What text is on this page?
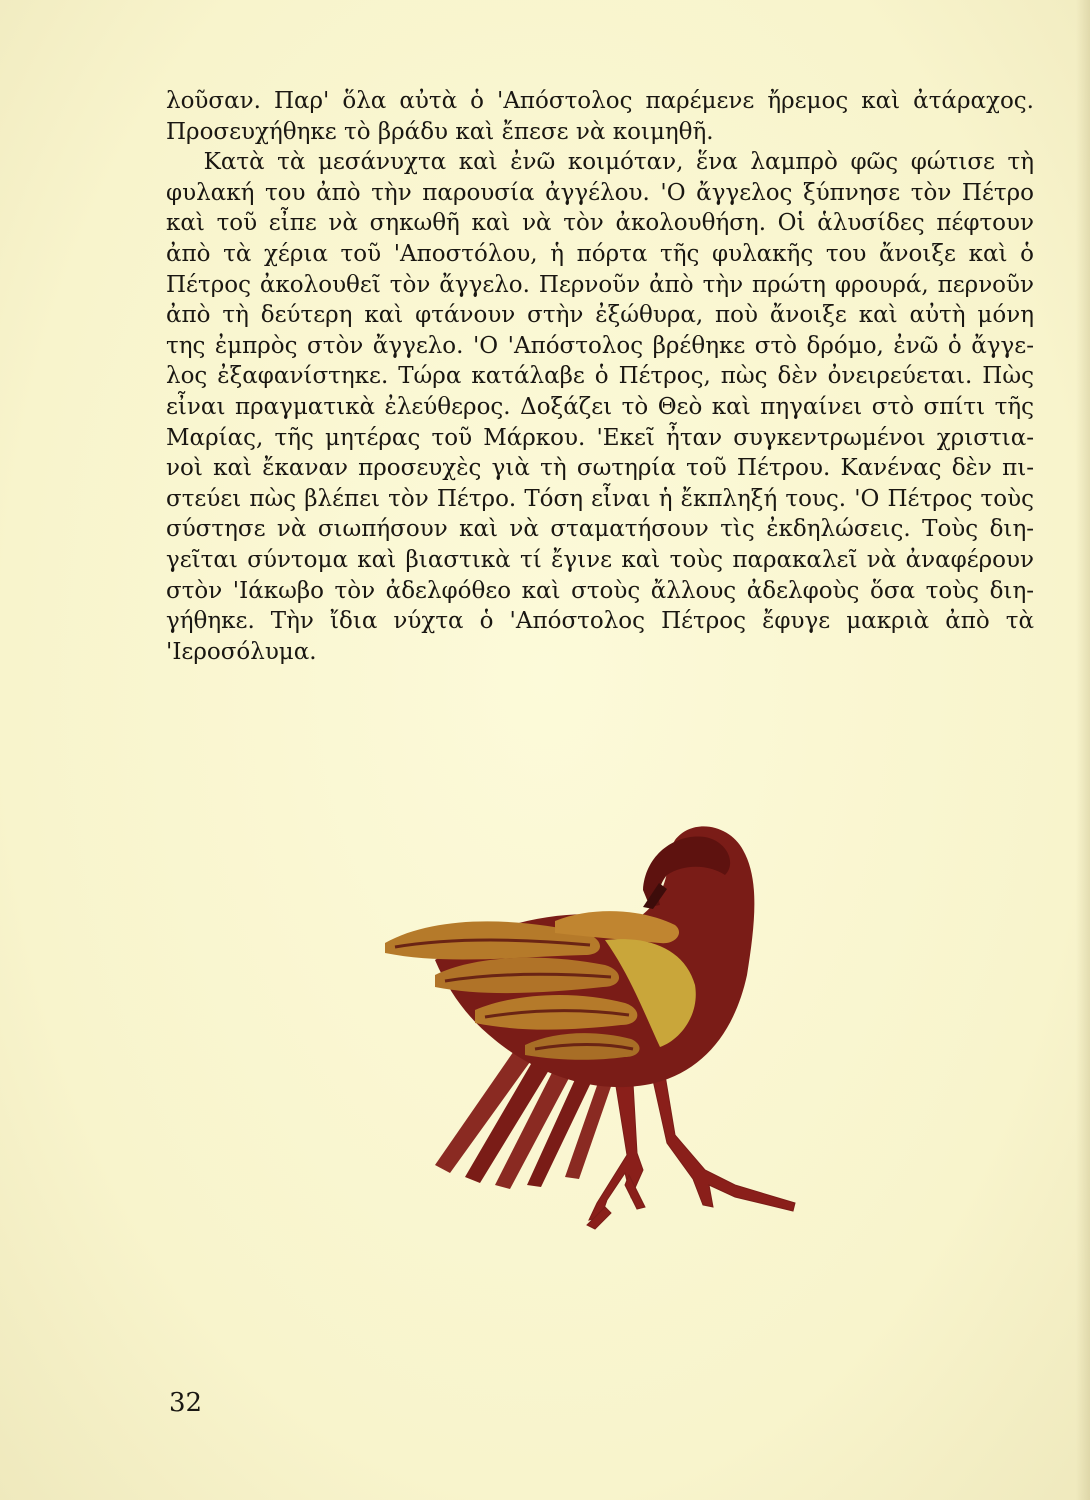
λοῦσαν. Παρ' ὅλα αὐτὰ ὁ 'Απόστολος παρέμενε ἤρεμος καὶ ἀτάραχος.
Προσευχήθηκε τὸ βράδυ καὶ ἔπεσε νὰ κοιμηθῆ.
Κατὰ τὰ μεσάνυχτα καὶ ἐνῶ κοιμόταν, ἕνα λαμπρὸ φῶς φώτισε τὴ
φυλακή του ἀπὸ τὴν παρουσία ἀγγέλου. 'Ο ἄγγελος ξύπνησε τὸν Πέτρο
καὶ τοῦ εἶπε νὰ σηκωθῆ καὶ νὰ τὸν ἀκολουθήση. Οἱ ἁλυσίδες πέφτουν
ἀπὸ τὰ χέρια τοῦ 'Αποστόλου, ἡ πόρτα τῆς φυλακῆς του ἄνοιξε καὶ ὁ
Πέτρος ἀκολουθεῖ τὸν ἄγγελο. Περνοῦν ἀπὸ τὴν πρώτη φρουρά, περνοῦν
ἀπὸ τὴ δεύτερη καὶ φτάνουν στὴν ἐξώθυρα, ποὺ ἄνοιξε καὶ αὐτὴ μόνη
της ἐμπρὸς στὸν ἄγγελο. 'Ο 'Απόστολος βρέθηκε στὸ δρόμο, ἐνῶ ὁ ἄγγε-
λος ἐξαφανίστηκε. Τώρα κατάλαβε ὁ Πέτρος, πὼς δὲν ὀνειρεύεται. Πὼς
εἶναι πραγματικὰ ἐλεύθερος. Δοξάζει τὸ Θεὸ καὶ πηγαίνει στὸ σπίτι τῆς
Μαρίας, τῆς μητέρας τοῦ Μάρκου. 'Εκεῖ ἦταν συγκεντρωμένοι χριστια-
νοὶ καὶ ἔκαναν προσευχὲς γιὰ τὴ σωτηρία τοῦ Πέτρου. Κανένας δὲν πι-
στεύει πὼς βλέπει τὸν Πέτρο. Τόση εἶναι ἡ ἔκπληξή τους. 'Ο Πέτρος τοὺς
σύστησε νὰ σιωπήσουν καὶ νὰ σταματήσουν τὶς ἐκδηλώσεις. Τοὺς διη-
γεῖται σύντομα καὶ βιαστικὰ τί ἔγινε καὶ τοὺς παρακαλεῖ νὰ ἀναφέρουν
στὸν 'Ιάκωβο τὸν ἀδελφόθεο καὶ στοὺς ἄλλους ἀδελφοὺς ὅσα τοὺς διη-
γήθηκε. Τὴν ἴδια νύχτα ὁ 'Απόστολος Πέτρος ἔφυγε μακριὰ ἀπὸ τὰ
'Ιεροσόλυμα.
32
